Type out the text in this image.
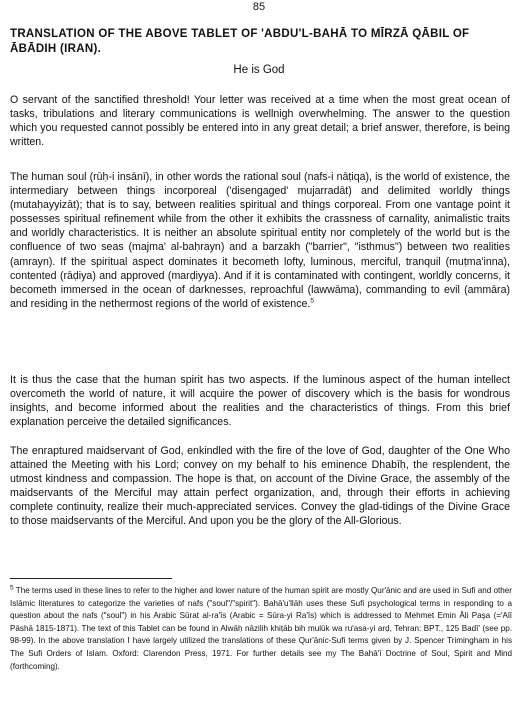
85
TRANSLATION OF THE ABOVE TABLET OF 'ABDU'L-BAHĀ TO MĪRZĀ QĀBIL OF ĀBĀDIH (IRAN).
He is God

O servant of the sanctified threshold! Your letter was received at a time when the most great ocean of tasks, tribulations and literary communications is wellnigh overwhelming. The answer to the question which you requested cannot possibly be entered into in any great detail; a brief answer, therefore, is being written.

The human soul (rūḥ-i insānī), in other words the rational soul (nafs-i nāṭiqa), is the world of existence, the intermediary between things incorporeal ('disengaged' mujarradāt) and delimited worldly things (mutaḥayyizāt); that is to say, between realities spiritual and things corporeal. From one vantage point it possesses spiritual refinement while from the other it exhibits the crassness of carnality, animalistic traits and worldly characteristics. It is neither an absolute spiritual entity nor completely of the world but is the confluence of two seas (majma' al-baḥrayn) and a barzakh ("barrier", "isthmus") between two realities (amrayn). If the spiritual aspect dominates it becometh lofty, luminous, merciful, tranquil (muṭma'inna), contented (rāḍiya) and approved (marḍiyya). And if it is contaminated with contingent, worldly concerns, it becometh immersed in the ocean of darknesses, reproachful (lawwāma), commanding to evil (ammāra) and residing in the nethermost regions of the world of existence.$^5$

It is thus the case that the human spirit has two aspects. If the luminous aspect of the human intellect overcometh the world of nature, it will acquire the power of discovery which is the basis for wondrous insights, and become informed about the realities and the characteristics of things. From this brief explanation perceive the detailed significances.

The enraptured maidservant of God, enkindled with the fire of the love of God, daughter of the One Who attained the Meeting with his Lord; convey on my behalf to his eminence Dhabīḥ, the resplendent, the utmost kindness and compassion. The hope is that, on account of the Divine Grace, the assembly of the maidservants of the Merciful may attain perfect organization, and, through their efforts in achieving complete continuity, realize their much-appreciated services. Convey the glad-tidings of the Divine Grace to those maidservants of the Merciful. And upon you be the glory of the All-Glorious.

$^5$ The terms used in these lines to refer to the higher and lower nature of the human spirit are mostly Qur'ānic and are used in Sufi and other Islāmic literatures to categorize the varieties of nafs ("soul"/"spirit"). Bahā'u'llāh uses these Sufi psychological terms in responding to a question about the nafs ("soul") in his Arabic Sūrat al-ra'īs (Arabic = Sūra-yi Ra'īs) which is addressed to Mehmet Emin Âli Paşa (='Alī Pāshā 1815-1871). The text of this Tablet can be found in Alwāḥ nāzilih khiṭāb bih mulūk wa ru'asa-yi arḍ, Tehran: BPT., 125 Badī' (see pp. 98-99). In the above translation I have largely utilized the translations of these Qur'ānic-Sufi terms given by J. Spencer Trimingham in his The Sufi Orders of Islam. Oxford: Clarendon Press, 1971. For further details see my The Bahā'ī Doctrine of Soul, Spirit and Mind (forthcoming).
